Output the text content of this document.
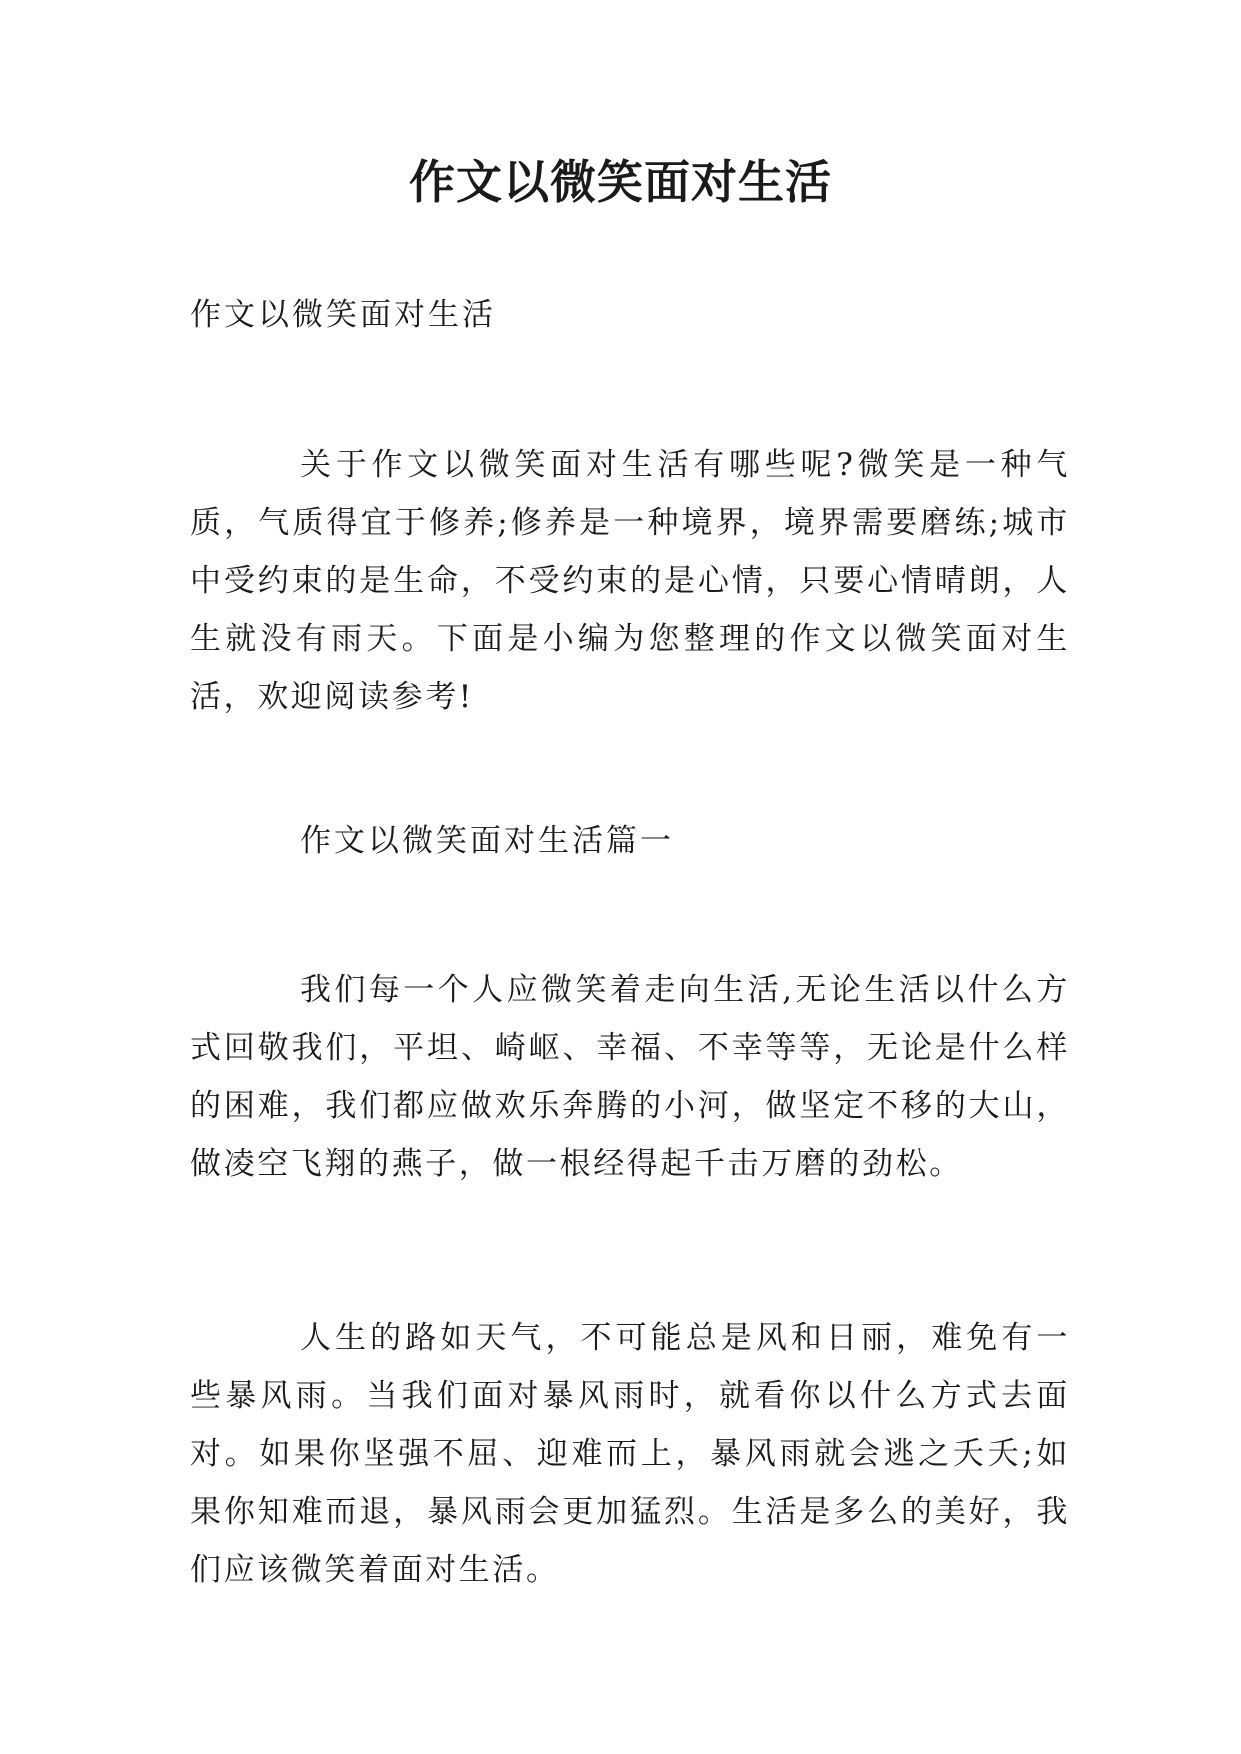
作文以微笑面对生活
作文以微笑面对生活

关于作文以微笑面对生活有哪些呢?微笑是一种气质，气质得宜于修养;修养是一种境界，境界需要磨练;城市中受约束的是生命，不受约束的是心情，只要心情晴朗，人生就没有雨天。下面是小编为您整理的作文以微笑面对生活，欢迎阅读参考!

作文以微笑面对生活篇一

我们每一个人应微笑着走向生活,无论生活以什么方式回敬我们，平坦、崎岖、幸福、不幸等等，无论是什么样的困难，我们都应做欢乐奔腾的小河，做坚定不移的大山，做凌空飞翔的燕子，做一根经得起千击万磨的劲松。

人生的路如天气，不可能总是风和日丽，难免有一些暴风雨。当我们面对暴风雨时，就看你以什么方式去面对。如果你坚强不屈、迎难而上，暴风雨就会逃之夭夭;如果你知难而退，暴风雨会更加猛烈。生活是多么的美好，我们应该微笑着面对生活。
